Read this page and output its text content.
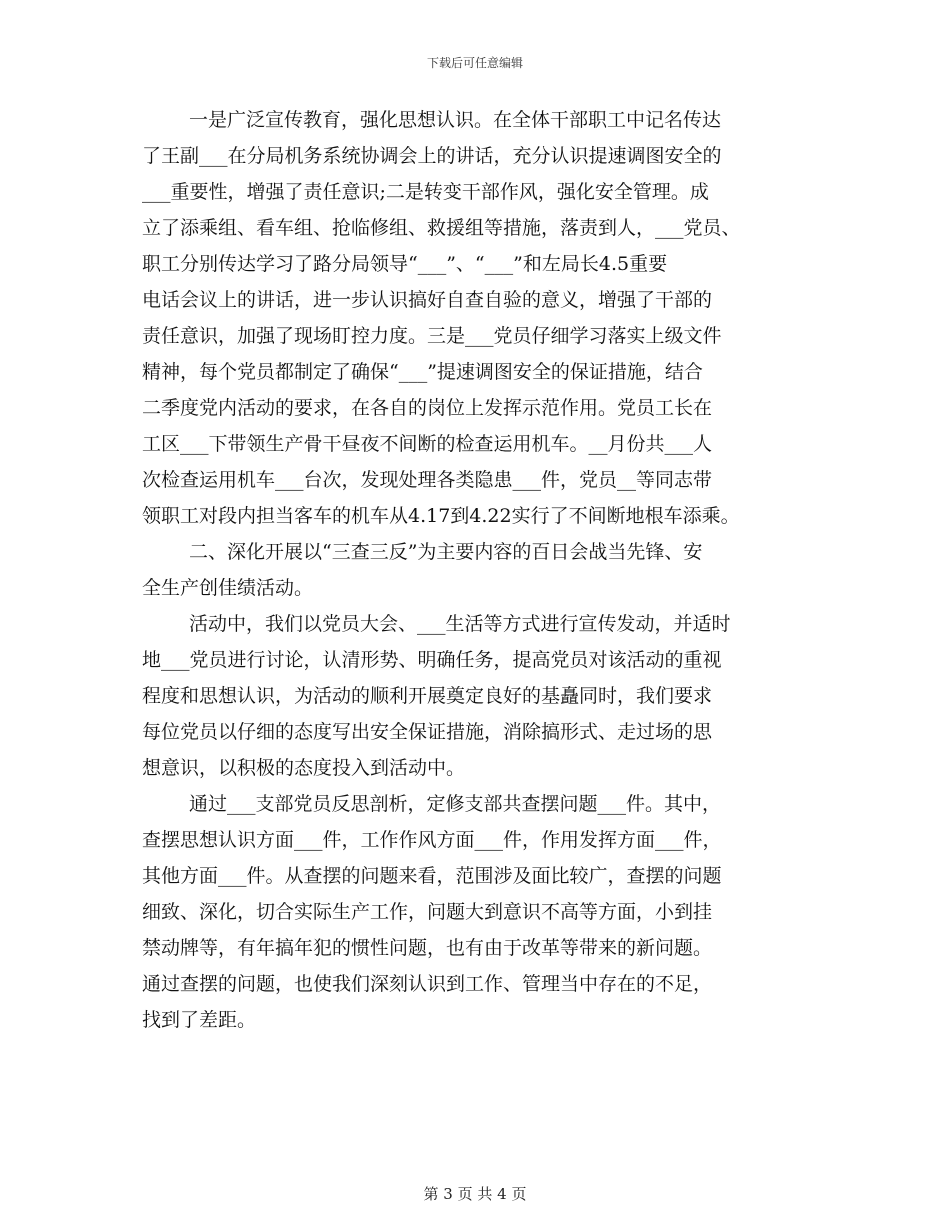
下载后可任意编辑
一是广泛宣传教育，强化思想认识。在全体干部职工中记名传达
了王副___在分局机务系统协调会上的讲话，充分认识提速调图安全的
___重要性，增强了责任意识;二是转变干部作风，强化安全管理。成
立了添乘组、看车组、抢临修组、救援组等措施，落责到人，___党员、
职工分别传达学习了路分局领导“___”、“___”和左局长4.5重要
电话会议上的讲话，进一步认识搞好自查自验的意义，增强了干部的
责任意识，加强了现场盯控力度。三是___党员仔细学习落实上级文件
精神，每个党员都制定了确保“___”提速调图安全的保证措施，结合
二季度党内活动的要求，在各自的岗位上发挥示范作用。党员工长在
工区___下带领生产骨干昼夜不间断的检查运用机车。__月份共___人
次检查运用机车___台次，发现处理各类隐患___件，党员__等同志带
领职工对段内担当客车的机车从4.17到4.22实行了不间断地根车添乘。
二、深化开展以“三查三反”为主要内容的百日会战当先锋、安
全生产创佳绩活动。
活动中，我们以党员大会、___生活等方式进行宣传发动，并适时
地___党员进行讨论，认清形势、明确任务，提高党员对该活动的重视
程度和思想认识，为活动的顺利开展奠定良好的基矗同时，我们要求
每位党员以仔细的态度写出安全保证措施，消除搞形式、走过场的思
想意识，以积极的态度投入到活动中。
通过___支部党员反思剖析，定修支部共查摆问题___件。其中，
查摆思想认识方面___件，工作作风方面___件，作用发挥方面___件，
其他方面___件。从查摆的问题来看，范围涉及面比较广，查摆的问题
细致、深化，切合实际生产工作，问题大到意识不高等方面，小到挂
禁动牌等，有年搞年犯的惯性问题，也有由于改革等带来的新问题。
通过查摆的问题，也使我们深刻认识到工作、管理当中存在的不足，
找到了差距。
第 3 页 共 4 页
